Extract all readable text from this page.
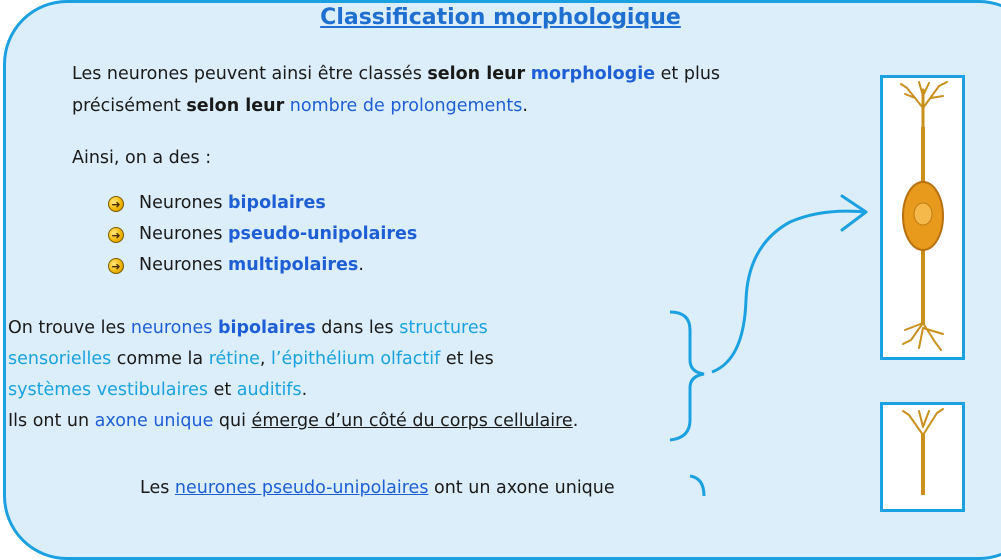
Classification morphologique
Les neurones peuvent ainsi être classés selon leur morphologie et plus
précisément selon leur nombre de prolongements.
Ainsi, on a des :
➜ Neurones bipolaires
➜ Neurones pseudo-unipolaires
➜ Neurones multipolaires.
On trouve les neurones bipolaires dans les structures
sensorielles comme la rétine, l’épithélium olfactif et les
systèmes vestibulaires et auditifs.
Ils ont un axone unique qui émerge d’un côté du corps cellulaire.
Les neurones pseudo-unipolaires ont un axone unique
